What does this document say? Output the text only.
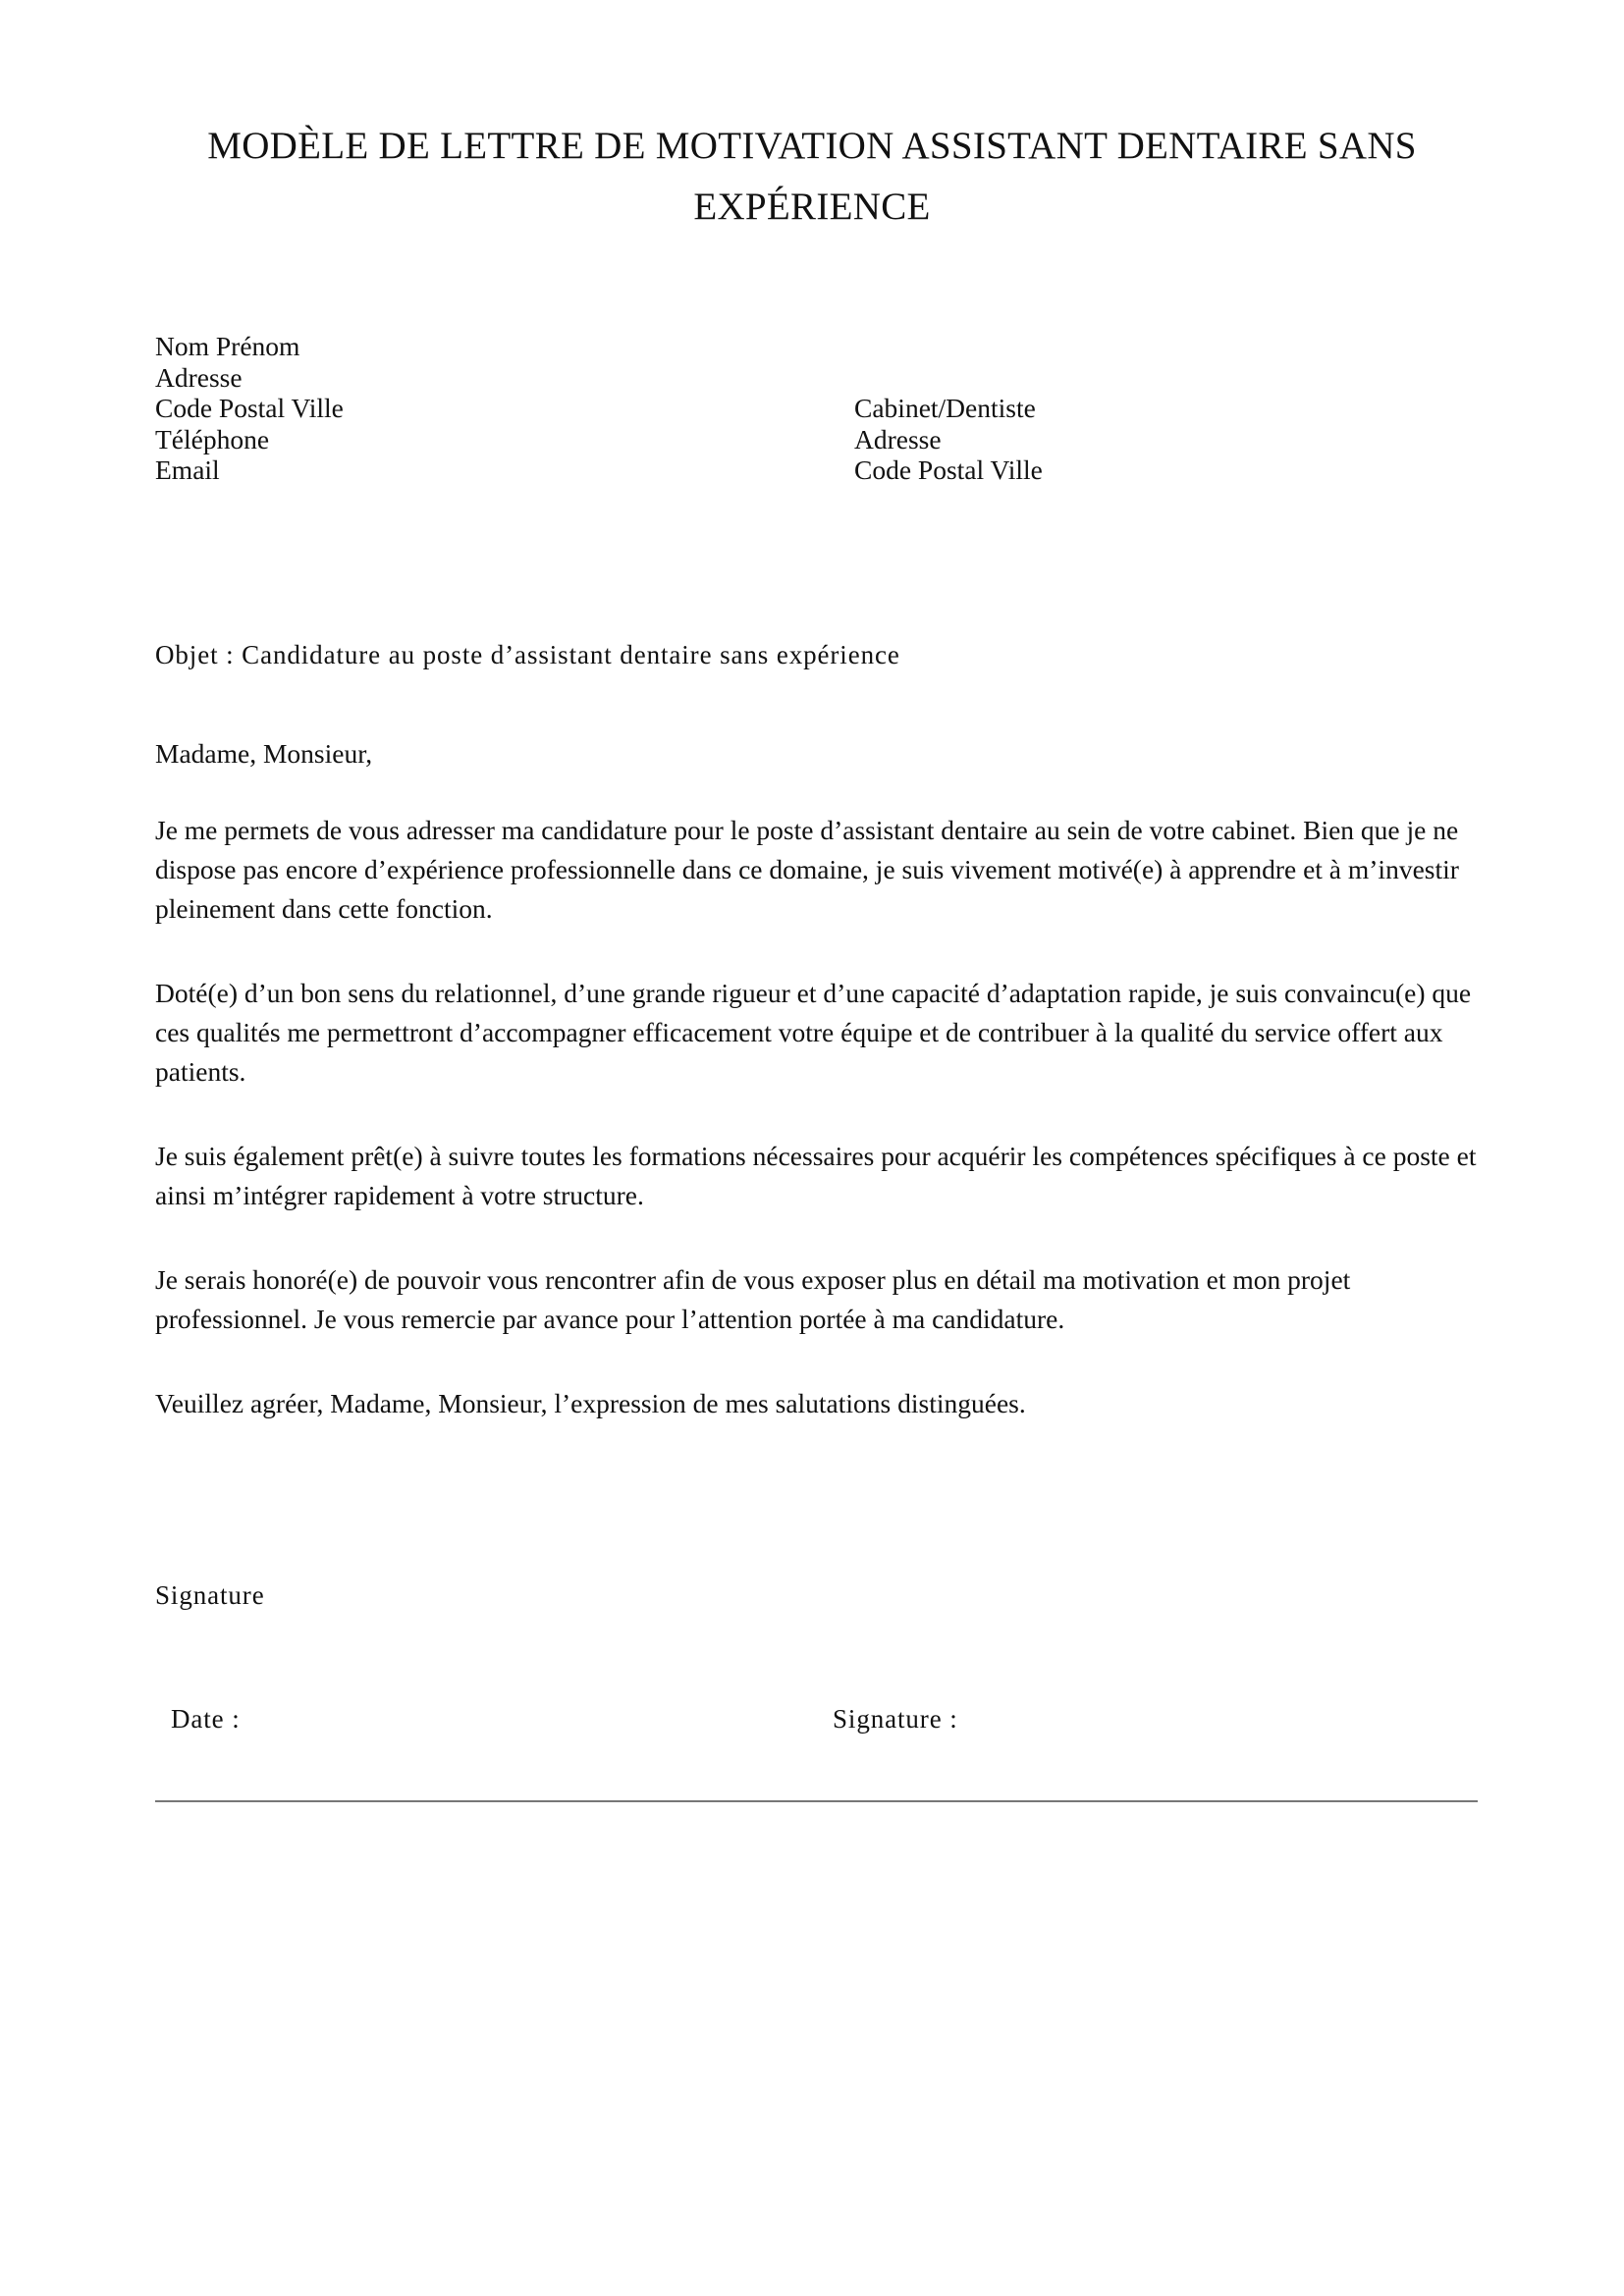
MODÈLE DE LETTRE DE MOTIVATION ASSISTANT DENTAIRE SANS
EXPÉRIENCE
Nom Prénom
Adresse
Code Postal Ville
Téléphone
Email
Cabinet/Dentiste
Adresse
Code Postal Ville
Objet : Candidature au poste d’assistant dentaire sans expérience

Madame, Monsieur,

Je me permets de vous adresser ma candidature pour le poste d’assistant dentaire au sein de votre cabinet. Bien que je ne dispose pas encore d’expérience professionnelle dans ce domaine, je suis vivement motivé(e) à apprendre et à m’investir pleinement dans cette fonction.

Doté(e) d’un bon sens du relationnel, d’une grande rigueur et d’une capacité d’adaptation rapide, je suis convaincu(e) que ces qualités me permettront d’accompagner efficacement votre équipe et de contribuer à la qualité du service offert aux patients.

Je suis également prêt(e) à suivre toutes les formations nécessaires pour acquérir les compétences spécifiques à ce poste et ainsi m’intégrer rapidement à votre structure.

Je serais honoré(e) de pouvoir vous rencontrer afin de vous exposer plus en détail ma motivation et mon projet professionnel. Je vous remercie par avance pour l’attention portée à ma candidature.

Veuillez agréer, Madame, Monsieur, l’expression de mes salutations distinguées.

Signature
Date :	Signature :
